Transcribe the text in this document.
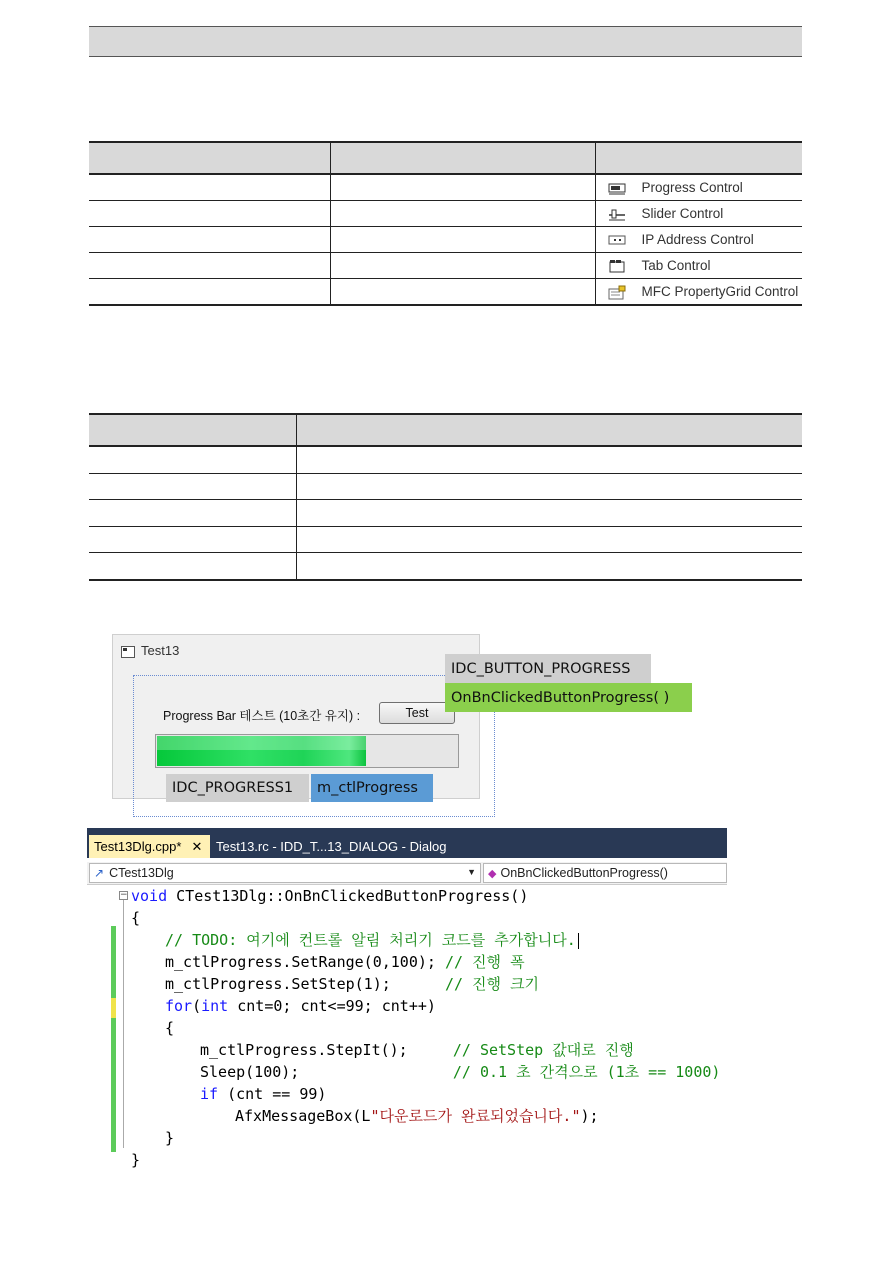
		Progress Control
		Slider Control
		IP Address Control
		Tab Control
		MFC PropertyGrid Control

Test13
Progress Bar 테스트 (10초간 유지) :	Test
IDC_BUTTON_PROGRESS
OnBnClickedButtonProgress( )
IDC_PROGRESS1	m_ctlProgress
Test13Dlg.cpp* ✕ Test13.rc - IDD_T...13_DIALOG - Dialog
↗ CTest13Dlg	▼ ◆ OnBnClickedButtonProgress()
− void CTest13Dlg::OnBnClickedButtonProgress()
{
// TODO: 여기에 컨트롤 알림 처리기 코드를 추가합니다.
m_ctlProgress.SetRange(0,100); // 진행 폭
m_ctlProgress.SetStep(1);      // 진행 크기
for(int cnt=0; cnt<=99; cnt++)
{
m_ctlProgress.StepIt();     // SetStep 값대로 진행
Sleep(100);                 // 0.1 초 간격으로 (1초 == 1000)
if (cnt == 99)
AfxMessageBox(L"다운로드가 완료되었습니다.");
}
}
